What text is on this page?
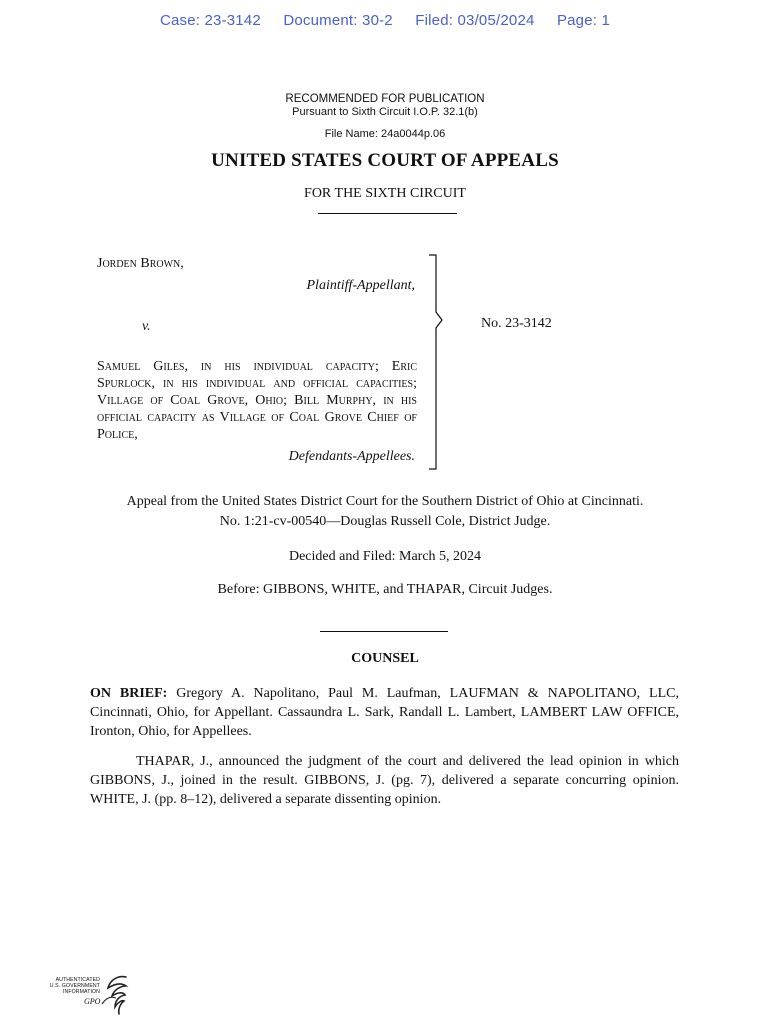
Case: 23-3142 Document: 30-2 Filed: 03/05/2024 Page: 1
RECOMMENDED FOR PUBLICATION
Pursuant to Sixth Circuit I.O.P. 32.1(b)
File Name: 24a0044p.06
UNITED STATES COURT OF APPEALS
FOR THE SIXTH CIRCUIT
Jorden Brown,
Plaintiff-Appellant,
v.
Samuel Giles, in his individual capacity; Eric Spurlock, in his individual and official capacities; Village of Coal Grove, Ohio; Bill Murphy, in his official capacity as Village of Coal Grove Chief of Police,
Defendants-Appellees.
No. 23-3142
Appeal from the United States District Court for the Southern District of Ohio at Cincinnati.
No. 1:21-cv-00540—Douglas Russell Cole, District Judge.
Decided and Filed: March 5, 2024
Before: GIBBONS, WHITE, and THAPAR, Circuit Judges.
COUNSEL
ON BRIEF: Gregory A. Napolitano, Paul M. Laufman, LAUFMAN & NAPOLITANO, LLC, Cincinnati, Ohio, for Appellant. Cassaundra L. Sark, Randall L. Lambert, LAMBERT LAW OFFICE, Ironton, Ohio, for Appellees.
THAPAR, J., announced the judgment of the court and delivered the lead opinion in which GIBBONS, J., joined in the result. GIBBONS, J. (pg. 7), delivered a separate concurring opinion. WHITE, J. (pp. 8–12), delivered a separate dissenting opinion.
AUTHENTICATED
U.S. GOVERNMENT
INFORMATION
GPO
